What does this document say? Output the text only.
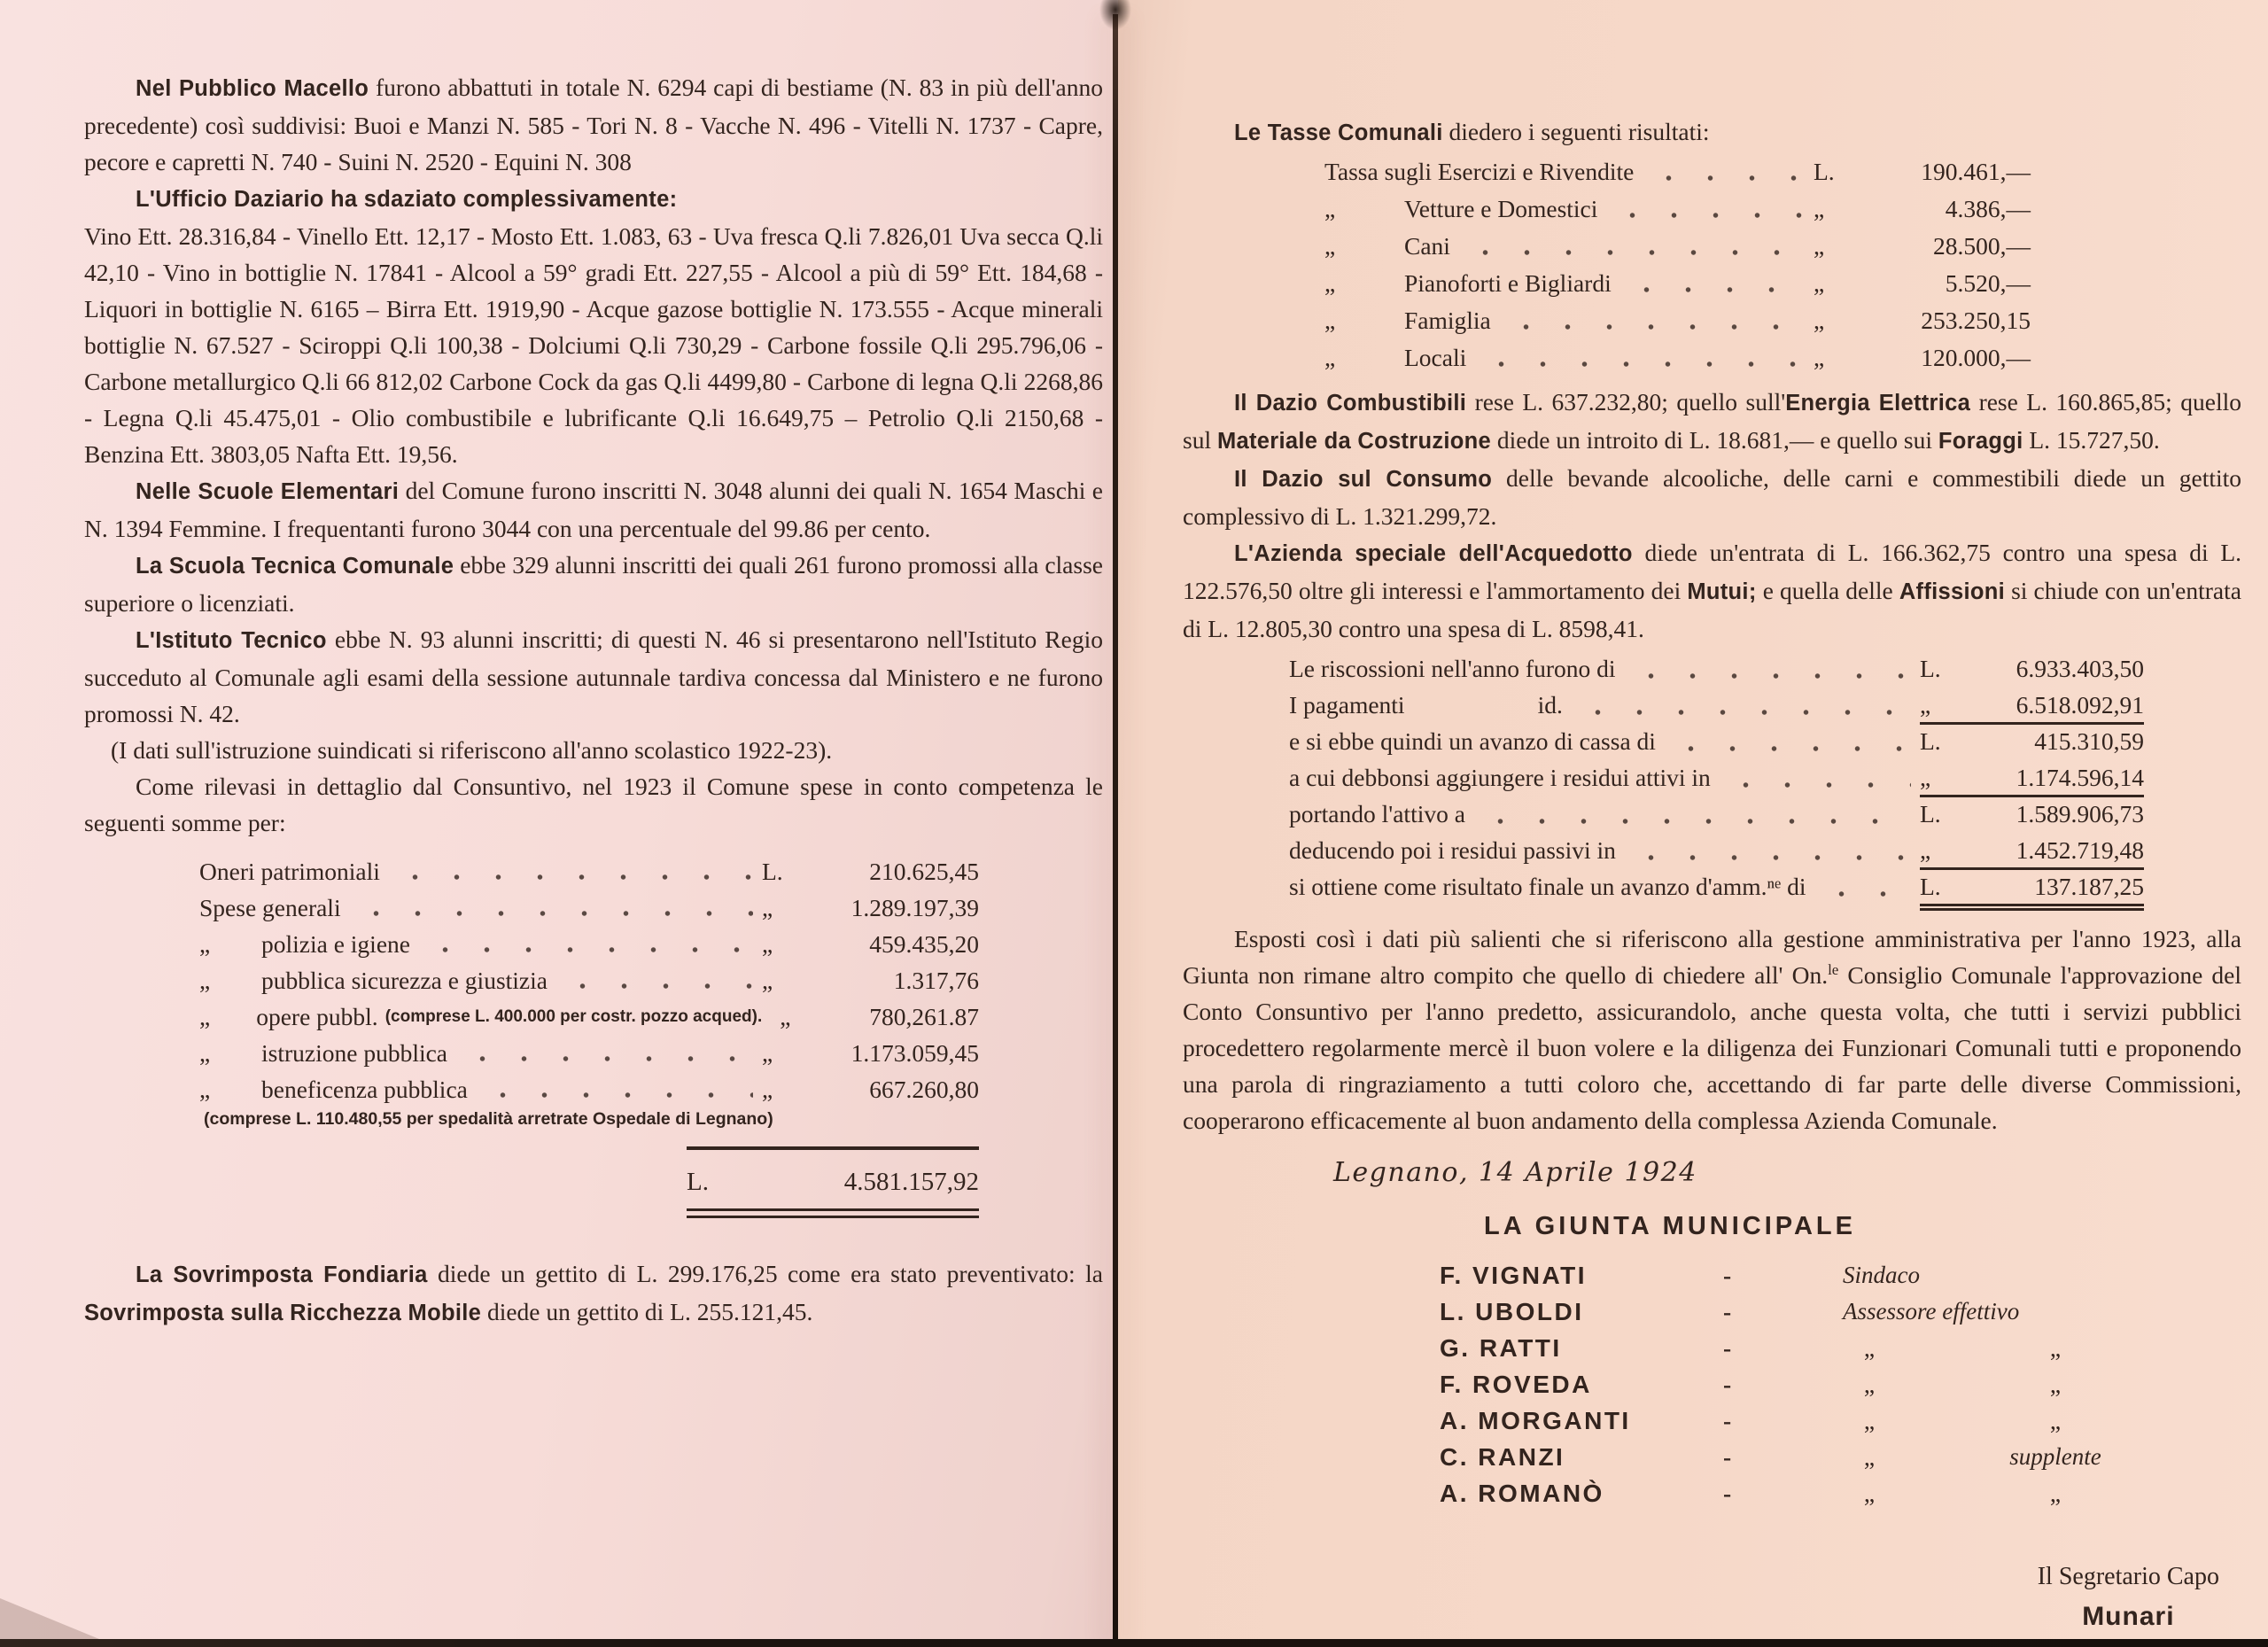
Nel Pubblico Macello furono abbattuti in totale N. 6294 capi di bestiame (N. 83 in più dell'anno precedente) così suddivisi: Buoi e Manzi N. 585 - Tori N. 8 - Vacche N. 496 - Vitelli N. 1737 - Capre, pecore e capretti N. 740 - Suini N. 2520 - Equini N. 308

L'Ufficio Daziario ha sdaziato complessivamente:

Vino Ett. 28.316,84 - Vinello Ett. 12,17 - Mosto Ett. 1.083, 63 - Uva fresca Q.li 7.826,01 Uva secca Q.li 42,10 - Vino in bottiglie N. 17841 - Alcool a 59° gradi Ett. 227,55 - Alcool a più di 59° Ett. 184,68 - Liquori in bottiglie N. 6165 – Birra Ett. 1919,90 - Acque gazose bottiglie N. 173.555 - Acque minerali bottiglie N. 67.527 - Sciroppi Q.li 100,38 - Dolciumi Q.li 730,29 - Carbone fossile Q.li 295.796,06 - Carbone metallurgico Q.li 66 812,02 Carbone Cock da gas Q.li 4499,80 - Carbone di legna Q.li 2268,86 - Legna Q.li 45.475,01 - Olio combustibile e lubrificante Q.li 16.649,75 – Petrolio Q.li 2150,68 - Benzina Ett. 3803,05 Nafta Ett. 19,56.

Nelle Scuole Elementari del Comune furono inscritti N. 3048 alunni dei quali N. 1654 Maschi e N. 1394 Femmine. I frequentanti furono 3044 con una percentuale del 99.86 per cento.

La Scuola Tecnica Comunale ebbe 329 alunni inscritti dei quali 261 furono promossi alla classe superiore o licenziati.

L'Istituto Tecnico ebbe N. 93 alunni inscritti; di questi N. 46 si presentarono nell'Istituto Regio succeduto al Comunale agli esami della sessione autunnale tardiva concessa dal Ministero e ne furono promossi N. 42.

(I dati sull'istruzione suindicati si riferiscono all'anno scolastico 1922-23).

Come rilevasi in dettaglio dal Consuntivo, nel 1923 il Comune spese in conto competenza le seguenti somme per:

Oneri patrimoniali	L.	210.625,45
Spese generali	„	1.289.197,39
„	polizia e igiene	„	459.435,20
„	pubblica sicurezza e giustizia	„	1.317,76
„	opere pubbl. (comprese L. 400.000 per costr. pozzo acqued). „	780,261.87
„	istruzione pubblica	„	1.173.059,45
„	beneficenza pubblica	„	667.260,80
(comprese L. 110.480,55 per spedalità arretrate Ospedale di Legnano)
L.	4.581.157,92

La Sovrimposta Fondiaria diede un gettito di L. 299.176,25 come era stato preventivato: la Sovrimposta sulla Ricchezza Mobile diede un gettito di L. 255.121,45.

Le Tasse Comunali diedero i seguenti risultati:

Tassa sugli Esercizi e Rivendite	L.	190.461,—
„	Vetture e Domestici	„	4.386,—
„	Cani	„	28.500,—
„	Pianoforti e Bigliardi	„	5.520,—
„	Famiglia	„	253.250,15
„	Locali	„	120.000,—

Il Dazio Combustibili rese L. 637.232,80; quello sull'Energia Elettrica rese L. 160.865,85; quello sul Materiale da Costruzione diede un introito di L. 18.681,— e quello sui Foraggi L. 15.727,50.

Il Dazio sul Consumo delle bevande alcooliche, delle carni e commestibili diede un gettito complessivo di L. 1.321.299,72.

L'Azienda speciale dell'Acquedotto diede un'entrata di L. 166.362,75 contro una spesa di L. 122.576,50 oltre gli interessi e l'ammortamento dei Mutui; e quella delle Affissioni si chiude con un'entrata di L. 12.805,30 contro una spesa di L. 8598,41.

Le riscossioni nell'anno furono di	L.	6.933.403,50
I pagamenti	id.	„	6.518.092,91
e si ebbe quindi un avanzo di cassa di	L.	415.310,59
a cui debbonsi aggiungere i residui attivi in	„	1.174.596,14
portando l'attivo a	L.	1.589.906,73
deducendo poi i residui passivi in	„	1.452.719,48
si ottiene come risultato finale un avanzo d'amm.ⁿᵉ di	L.	137.187,25

Esposti così i dati più salienti che si riferiscono alla gestione amministrativa per l'anno 1923, alla Giunta non rimane altro compito che quello di chiedere all' On.$^{le}$ Consiglio Comunale l'approvazione del Conto Consuntivo per l'anno predetto, assicurandolo, anche questa volta, che tutti i servizi pubblici procedettero regolarmente mercè il buon volere e la diligenza dei Funzionari Comunali tutti e proponendo una parola di ringraziamento a tutti coloro che, accettando di far parte delle diverse Commissioni, cooperarono efficacemente al buon andamento della complessa Azienda Comunale.

Legnano, 14 Aprile 1924
LA GIUNTA MUNICIPALE
F. VIGNATI	-	Sindaco
L. UBOLDI	-	Assessore effettivo
G. RATTI	-	„	„
F. ROVEDA	-	„	„
A. MORGANTI	-	„	„
C. RANZI	-	„	supplente
A. ROMANÒ	-	„	„
Il Segretario Capo
Munari
